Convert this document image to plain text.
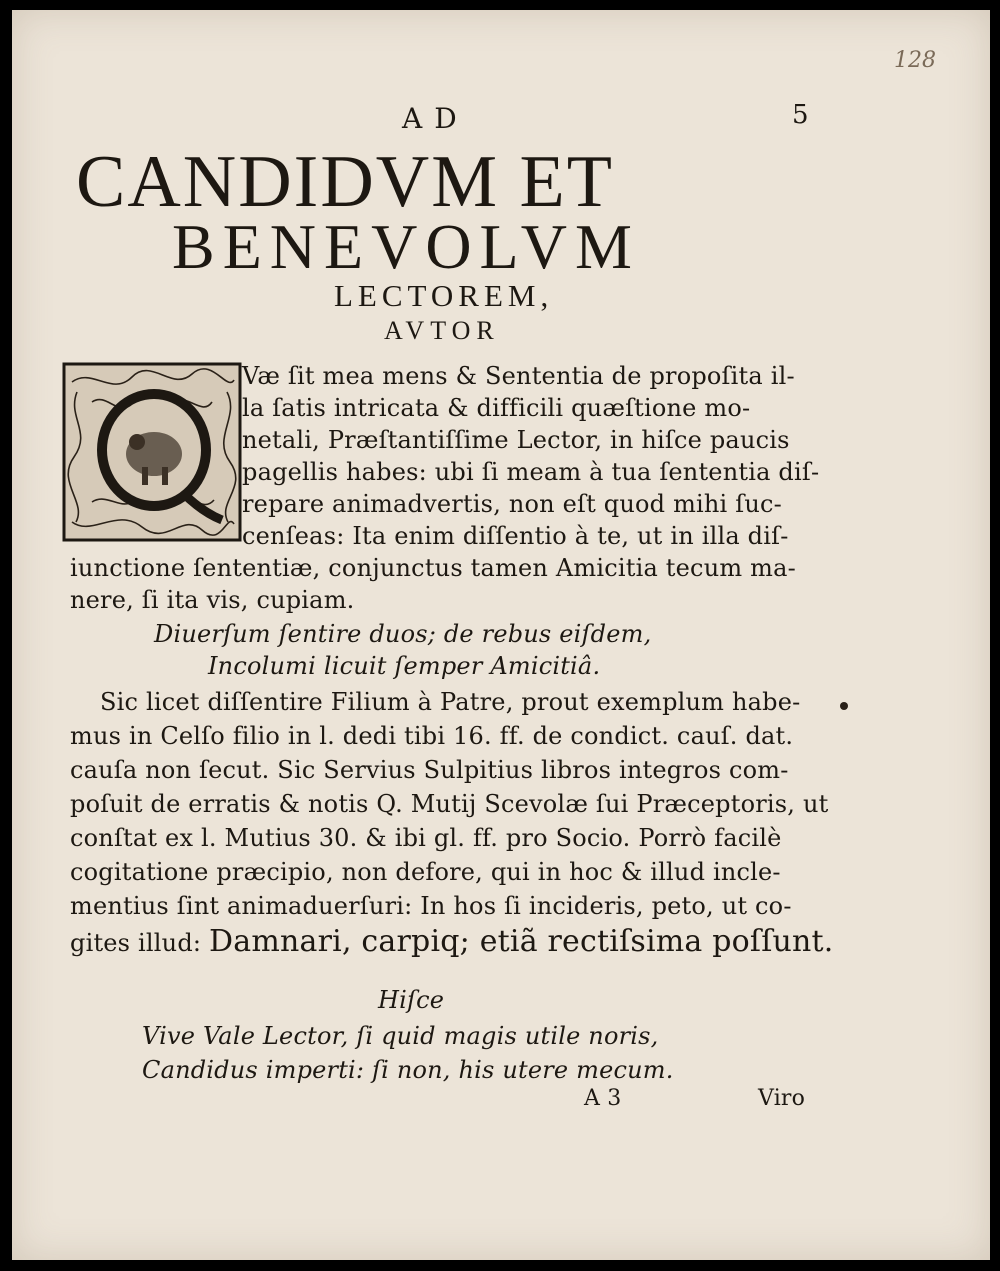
128
5
AD
CANDIDVM ET
BENEVOLVM
LECTOREM,
AVTOR
Væ ſit mea mens & Sententia de propoſita il-
la ſatis intricata & difficili quæſtione mo-
netali, Præſtantiſſime Lector, in hiſce paucis
pagellis habes: ubi ſi meam à tua ſententia diſ-
repare animadvertis, non eſt quod mihi ſuc-
cenſeas: Ita enim diſſentio à te, ut in illa diſ-
iunctione ſententiæ, conjunctus tamen Amicitia tecum ma-
nere, ſi ita vis, cupiam.
Diuerſum ſentire duos; de rebus eiſdem,
Incolumi licuit ſemper Amicitiâ.
Sic licet diſſentire Filium à Patre, prout exemplum habe-
mus in Celſo filio in l. dedi tibi 16. ff. de condict. cauſ. dat.
cauſa non ſecut. Sic Servius Sulpitius libros integros com-
poſuit de erratis & notis Q. Mutij Scevolæ ſui Præceptoris, ut
conſtat ex l. Mutius 30. & ibi gl. ff. pro Socio. Porrò facilè
cogitatione præcipio, non defore, qui in hoc & illud incle-
mentius ſint animaduerſuri: In hos ſi incideris, peto, ut co-
gites illud: Damnari, carpiq; etiã rectiſsima poſſunt.
Hiſce
Vive Vale Lector, ſi quid magis utile noris,
Candidus imperti: ſi non, his utere mecum.
A 3	Viro
